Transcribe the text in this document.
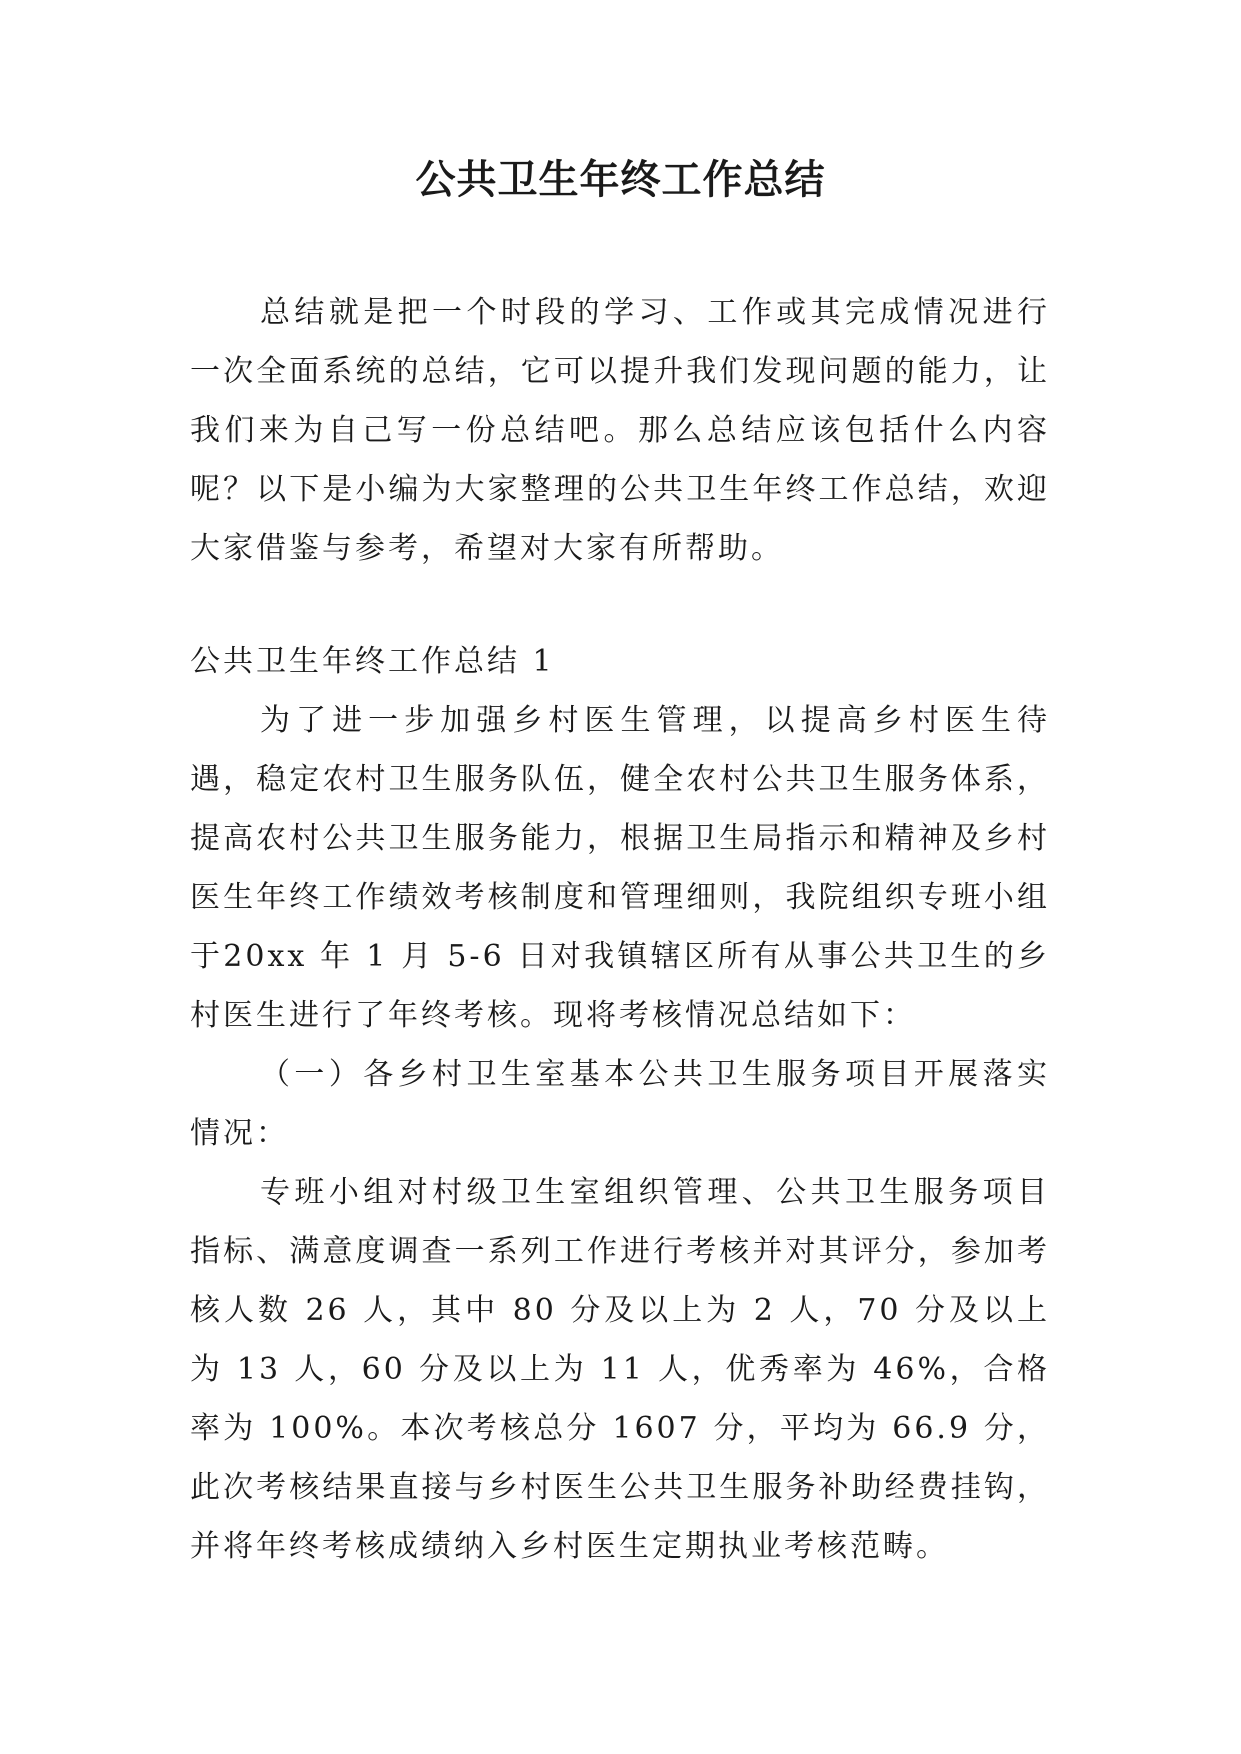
公共卫生年终工作总结

总结就是把一个时段的学习、工作或其完成情况进行一次全面系统的总结，它可以提升我们发现问题的能力，让我们来为自己写一份总结吧。那么总结应该包括什么内容呢？以下是小编为大家整理的公共卫生年终工作总结，欢迎大家借鉴与参考，希望对大家有所帮助。

公共卫生年终工作总结 1

为了进一步加强乡村医生管理，以提高乡村医生待遇，稳定农村卫生服务队伍，健全农村公共卫生服务体系，提高农村公共卫生服务能力，根据卫生局指示和精神及乡村医生年终工作绩效考核制度和管理细则，我院组织专班小组于20xx 年 1 月 5-6 日对我镇辖区所有从事公共卫生的乡村医生进行了年终考核。现将考核情况总结如下：

（一）各乡村卫生室基本公共卫生服务项目开展落实情况：

专班小组对村级卫生室组织管理、公共卫生服务项目指标、满意度调查一系列工作进行考核并对其评分，参加考核人数 26 人，其中 80 分及以上为 2 人，70 分及以上为 13 人，60 分及以上为 11 人，优秀率为 46%，合格率为 100%。本次考核总分 1607 分，平均为 66.9 分，此次考核结果直接与乡村医生公共卫生服务补助经费挂钩，并将年终考核成绩纳入乡村医生定期执业考核范畴。
